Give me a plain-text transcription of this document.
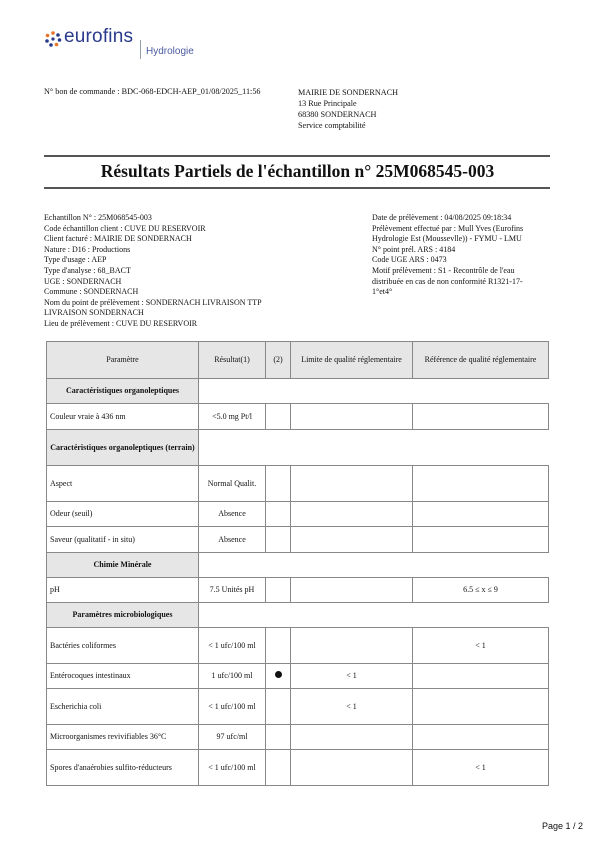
eurofins
Hydrologie
N° bon de commande : BDC-068-EDCH-AEP_01/08/2025_11:56	MAIRIE DE SONDERNACH
13 Rue Principale
68380 SONDERNACH
Service comptabilité
Résultats Partiels de l'échantillon n° 25M068545-003
Echantillon N° : 25M068545-003
Code échantillon client : CUVE DU RESERVOIR
Client facturé : MAIRIE DE SONDERNACH
Nature : D16 : Productions
Type d'usage : AEP
Type d'analyse : 68_BACT
UGE : SONDERNACH
Commune : SONDERNACH
Nom du point de prélèvement : SONDERNACH LIVRAISON TTP
LIVRAISON SONDERNACH
Lieu de prélèvement : CUVE DU RESERVOIR
Date de prélèvement : 04/08/2025 09:18:34
Prélèvement effectué par : Mull Yves (Eurofins
Hydrologie Est (Moussevlle)) - FYMU - LMU
N° point prél. ARS : 4184
Code UGE ARS : 0473
Motif prélèvement : S1 - Recontrôle de l'eau
distribuée en cas de non conformité R1321-17-
1°et4°
Paramètre	Résultat(1)	(2)	Limite de qualité réglementaire	Référence de qualité réglementaire
Caractéristiques organoleptiques				
Couleur vraie à 436 nm	<5.0 mg Pt/l			
Caractéristiques organoleptiques (terrain)				
Aspect	Normal Qualit.			
Odeur (seuil)	Absence			
Saveur (qualitatif - in situ)	Absence			
Chimie Minérale				
pH	7.5 Unités pH			6.5 ≤ x ≤ 9
Paramètres microbiologiques				
Bactéries coliformes	< 1 ufc/100 ml			< 1
Entérocoques intestinaux	1 ufc/100 ml		< 1	
Escherichia coli	< 1 ufc/100 ml		< 1	
Microorganismes revivifiables 36°C	97 ufc/ml			
Spores d'anaérobies sulfito-réducteurs	< 1 ufc/100 ml			< 1
Page 1 / 2
